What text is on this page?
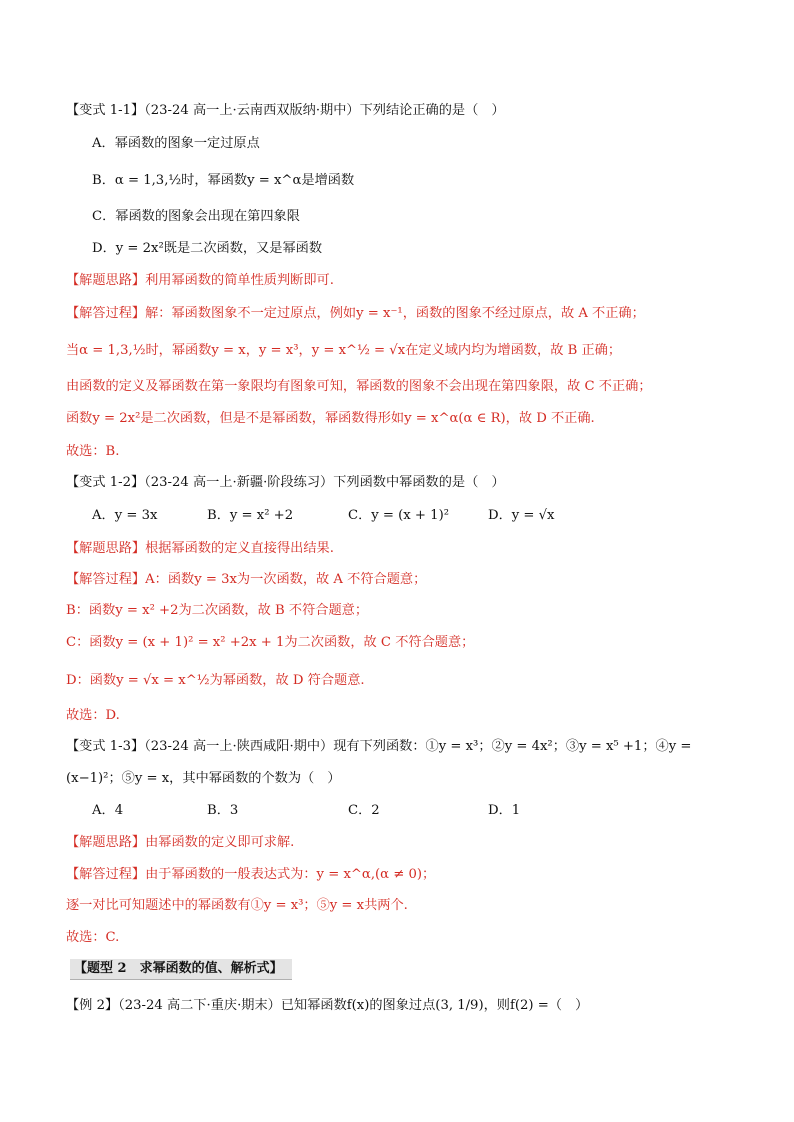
【变式 1-1】（23-24 高一上·云南西双版纳·期中）下列结论正确的是（　）
A．幂函数的图象一定过原点
B．α = 1,3,½时，幂函数y = x^α是增函数
C．幂函数的图象会出现在第四象限
D．y = 2x²既是二次函数，又是幂函数
【解题思路】利用幂函数的简单性质判断即可.
【解答过程】解：幂函数图象不一定过原点，例如y = x⁻¹，函数的图象不经过原点，故 A 不正确；
当α = 1,3,½时，幂函数y = x，y = x³，y = x^½ = √x在定义域内均为增函数，故 B 正确；
由函数的定义及幂函数在第一象限均有图象可知，幂函数的图象不会出现在第四象限，故 C 不正确；
函数y = 2x²是二次函数，但是不是幂函数，幂函数得形如y = x^α(α ∈ R)，故 D 不正确.
故选：B.
【变式 1-2】（23-24 高一上·新疆·阶段练习）下列函数中幂函数的是（　）
A．y = 3x	B．y = x² +2	C．y = (x + 1)²	D．y = √x
【解题思路】根据幂函数的定义直接得出结果.
【解答过程】A：函数y = 3x为一次函数，故 A 不符合题意；
B：函数y = x² +2为二次函数，故 B 不符合题意；
C：函数y = (x + 1)² = x² +2x + 1为二次函数，故 C 不符合题意；
D：函数y = √x = x^½为幂函数，故 D 符合题意.
故选：D.
【变式 1-3】（23-24 高一上·陕西咸阳·期中）现有下列函数：①y = x³；②y = 4x²；③y = x⁵ +1；④y =
(x−1)²；⑤y = x，其中幂函数的个数为（　）
A．4	B．3	C．2	D．1
【解题思路】由幂函数的定义即可求解.
【解答过程】由于幂函数的一般表达式为：y = x^α,(α ≠ 0)；
逐一对比可知题述中的幂函数有①y = x³；⑤y = x共两个.
故选：C.
【题型 2　求幂函数的值、解析式】
【例 2】（23-24 高二下·重庆·期末）已知幂函数f(x)的图象过点(3, 1/9)，则f(2) =（　）
